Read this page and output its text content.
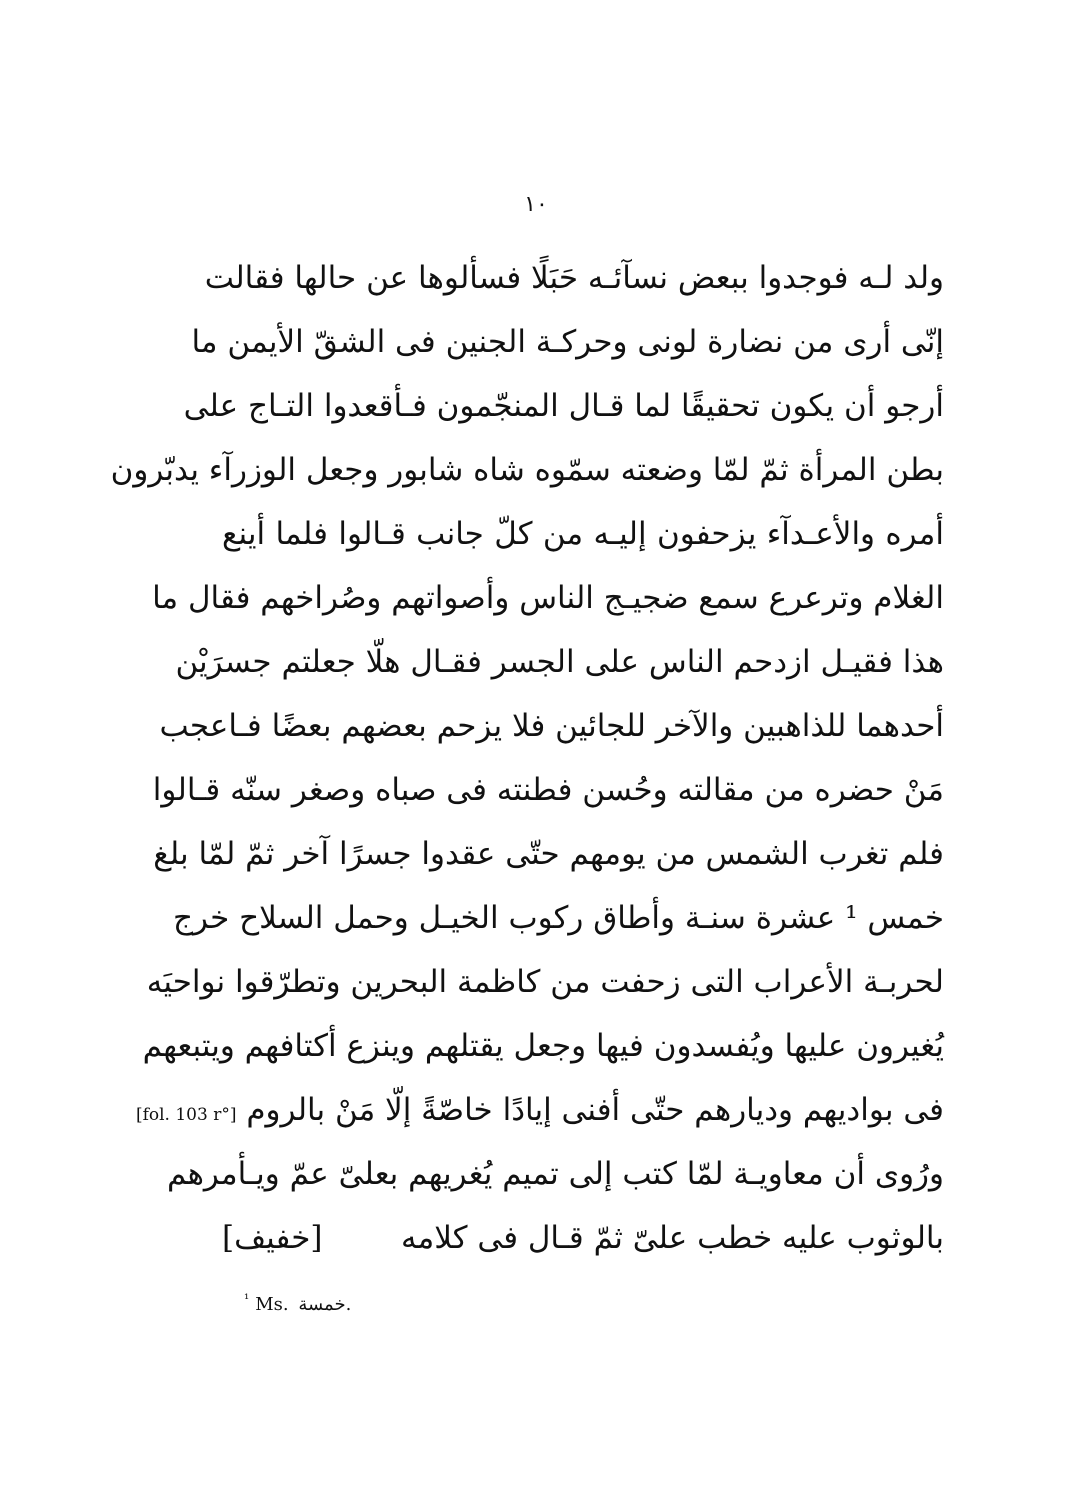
١٠
ولد لـه فوجدوا ببعض نسآئـه حَبَلًا فسألوها عن حالها فقالت
إنّى أرى من نضارة لونى وحركـة الجنين فى الشقّ الأيمن ما
أرجو أن يكون تحقيقًا لما قـال المنجّمون فـأقعدوا التـاج على
بطن المرأة ثمّ لمّا وضعته سمّوه شاه شابور وجعل الوزرآء يدبّرون
أمره والأعـدآء يزحفون إليـه من كلّ جانب قـالوا فلما أينع
الغلام وترعرع سمع ضجيـج الناس وأصواتهم وصُراخهم فقال ما
هذا فقيـل ازدحم الناس على الجسر فقـال هلّا جعلتم جسرَيْن
أحدهما للذاهبين والآخر للجائين فلا يزحم بعضهم بعضًا فـاعجب
مَنْ حضره من مقالته وحُسن فطنته فى صباه وصغر سنّه قـالوا
فلم تغرب الشمس من يومهم حتّى عقدوا جسرًا آخر ثمّ لمّا بلغ
خمس ¹ عشرة سنـة وأطاق ركوب الخيـل وحمل السلاح خرج
لحربـة الأعراب التى زحفت من كاظمة البحرين وتطرّقوا نواحيَه
يُغيرون عليها ويُفسدون فيها وجعل يقتلهم وينزع أكتافهم ويتبعهم
فى بواديهم وديارهم حتّى أفنى إيادًا خاصّةً إلّا مَنْ بالروم [fol. 103 r°]
ورُوى أن معاويـة لمّا كتب إلى تميم يُغريهم بعلىّ عمّ ويـأمرهم
بالوثوب عليه خطب علىّ ثمّ قـال فى كلامه
[خفيف]
$^{^1}$ Ms. خمسة.
